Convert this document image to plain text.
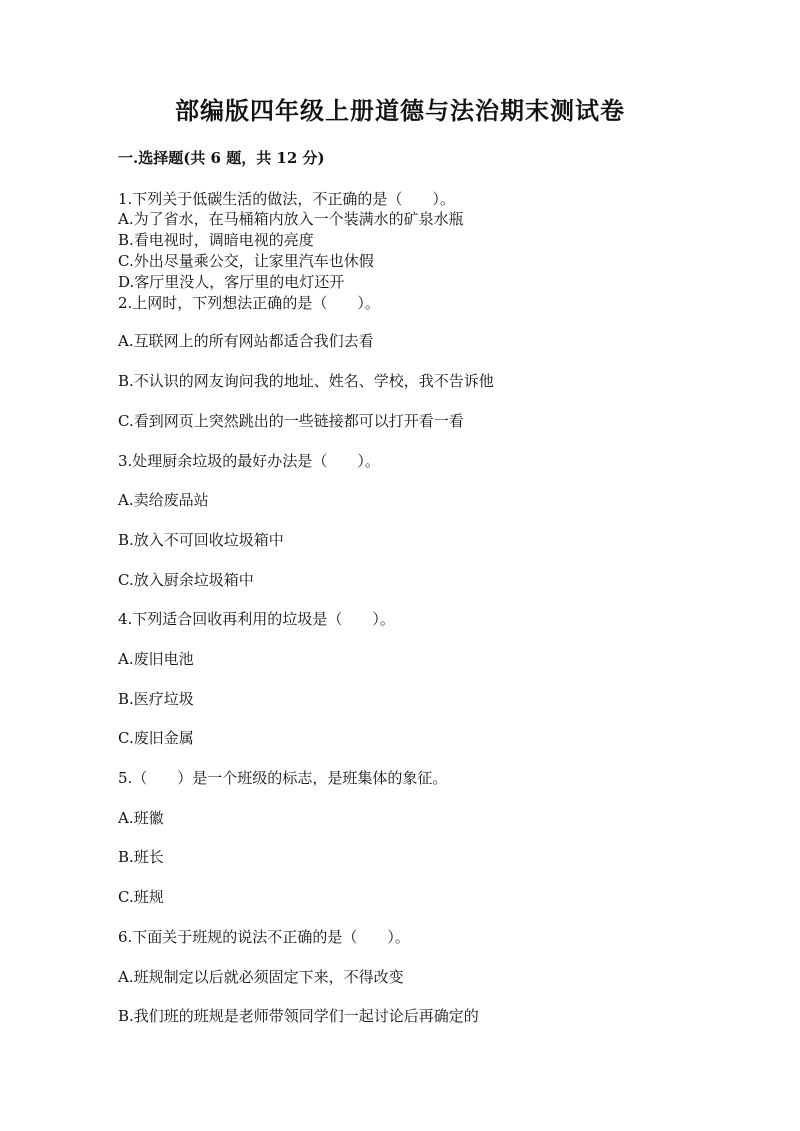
部编版四年级上册道德与法治期末测试卷
一.选择题(共 6 题，共 12 分)
1.下列关于低碳生活的做法，不正确的是（　　）。
A.为了省水，在马桶箱内放入一个装满水的矿泉水瓶
B.看电视时，调暗电视的亮度
C.外出尽量乘公交，让家里汽车也休假
D.客厅里没人，客厅里的电灯还开
2.上网时，下列想法正确的是（　　）。
A.互联网上的所有网站都适合我们去看
B.不认识的网友询问我的地址、姓名、学校，我不告诉他
C.看到网页上突然跳出的一些链接都可以打开看一看
3.处理厨余垃圾的最好办法是（　　）。
A.卖给废品站
B.放入不可回收垃圾箱中
C.放入厨余垃圾箱中
4.下列适合回收再利用的垃圾是（　　）。
A.废旧电池
B.医疗垃圾
C.废旧金属
5.（　　）是一个班级的标志，是班集体的象征。
A.班徽
B.班长
C.班规
6.下面关于班规的说法不正确的是（　　）。
A.班规制定以后就必须固定下来，不得改变
B.我们班的班规是老师带领同学们一起讨论后再确定的
